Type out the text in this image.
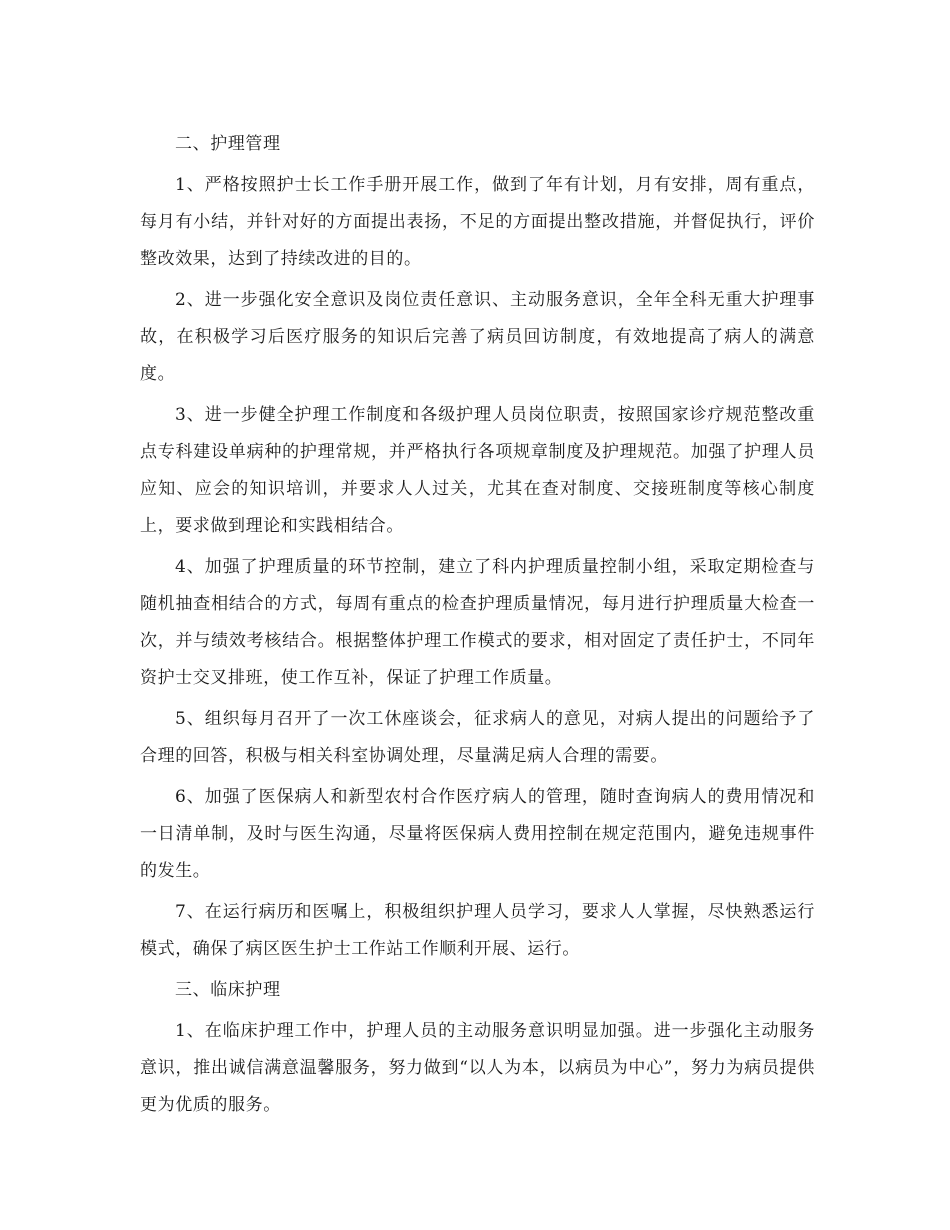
二、护理管理

1、严格按照护士长工作手册开展工作，做到了年有计划，月有安排，周有重点，每月有小结，并针对好的方面提出表扬，不足的方面提出整改措施，并督促执行，评价整改效果，达到了持续改进的目的。

2、进一步强化安全意识及岗位责任意识、主动服务意识，全年全科无重大护理事故，在积极学习后医疗服务的知识后完善了病员回访制度，有效地提高了病人的满意度。

3、进一步健全护理工作制度和各级护理人员岗位职责，按照国家诊疗规范整改重点专科建设单病种的护理常规，并严格执行各项规章制度及护理规范。加强了护理人员应知、应会的知识培训，并要求人人过关，尤其在查对制度、交接班制度等核心制度上，要求做到理论和实践相结合。

4、加强了护理质量的环节控制，建立了科内护理质量控制小组，采取定期检查与随机抽查相结合的方式，每周有重点的检查护理质量情况，每月进行护理质量大检查一次，并与绩效考核结合。根据整体护理工作模式的要求，相对固定了责任护士，不同年资护士交叉排班，使工作互补，保证了护理工作质量。

5、组织每月召开了一次工休座谈会，征求病人的意见，对病人提出的问题给予了合理的回答，积极与相关科室协调处理，尽量满足病人合理的需要。

6、加强了医保病人和新型农村合作医疗病人的管理，随时查询病人的费用情况和一日清单制，及时与医生沟通，尽量将医保病人费用控制在规定范围内，避免违规事件的发生。

7、在运行病历和医嘱上，积极组织护理人员学习，要求人人掌握，尽快熟悉运行模式，确保了病区医生护士工作站工作顺利开展、运行。

三、临床护理

1、在临床护理工作中，护理人员的主动服务意识明显加强。进一步强化主动服务意识，推出诚信满意温馨服务，努力做到“以人为本，以病员为中心”，努力为病员提供更为优质的服务。
